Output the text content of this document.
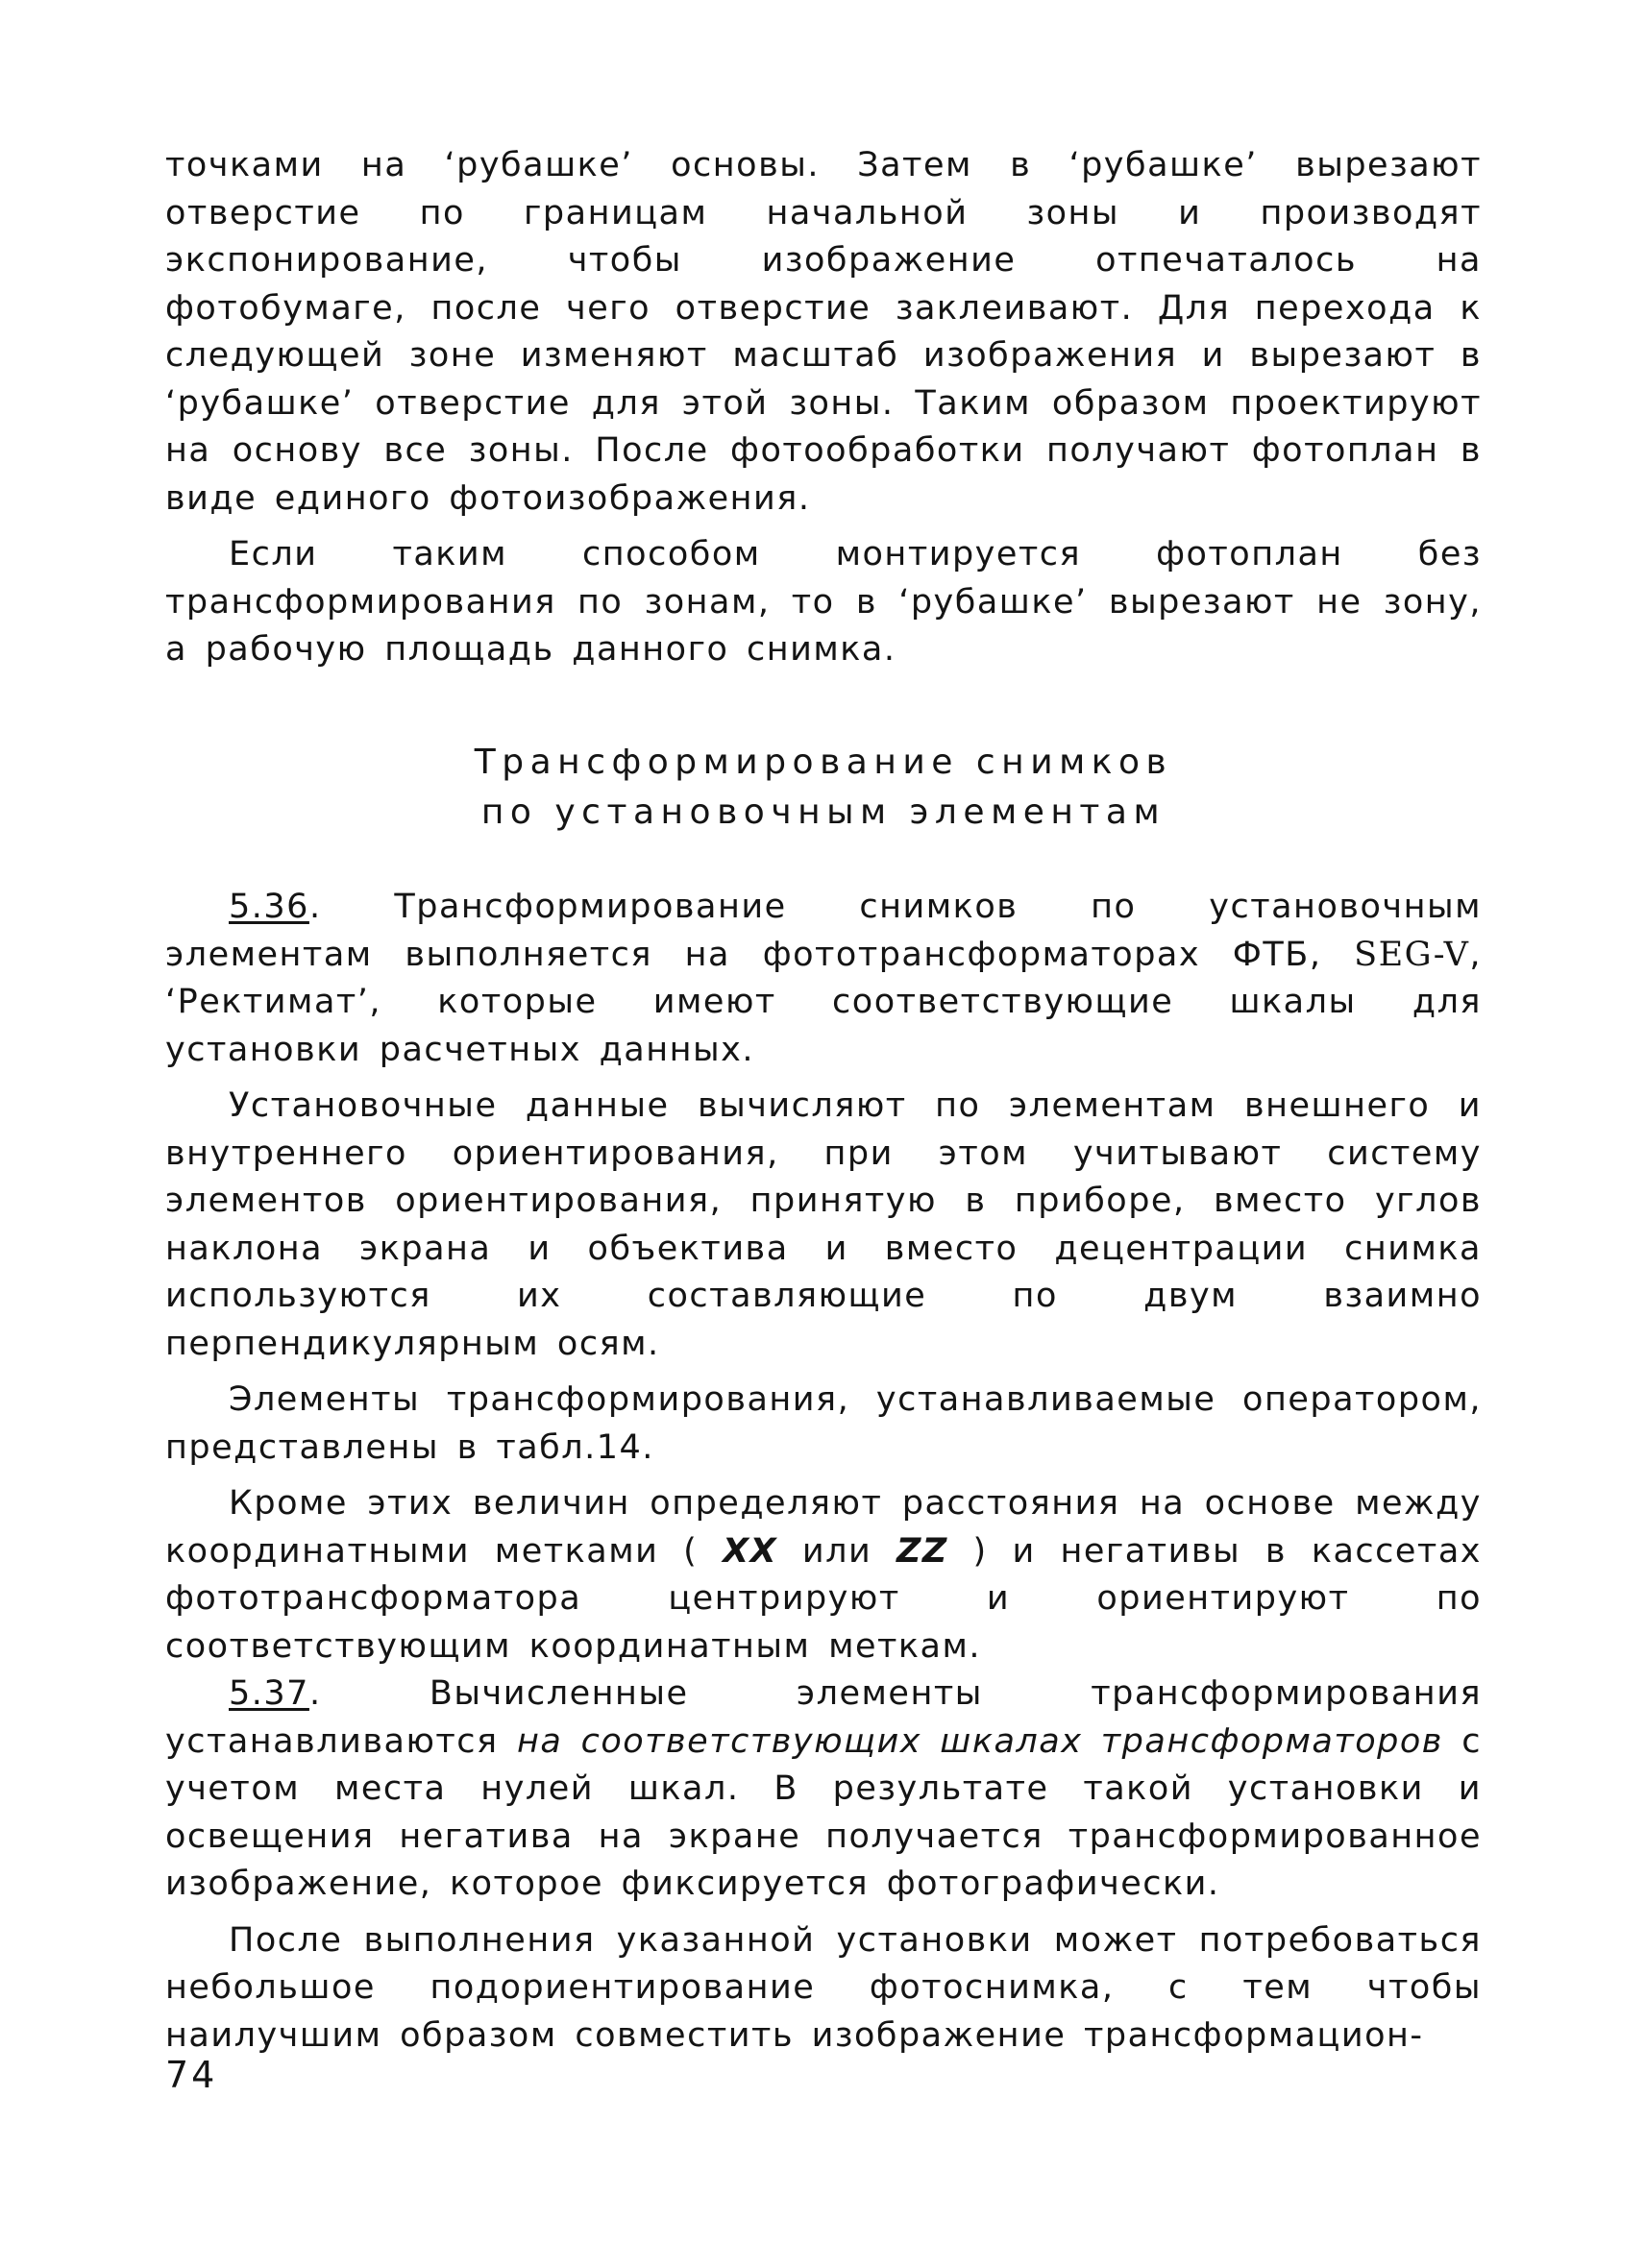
точками на ʻрубашкеʼ основы. Затем в ʻрубашкеʼ вырезают отверстие по границам начальной зоны и производят экспонирование, чтобы изображение отпечаталось на фотобумаге, после чего отверстие заклеивают. Для перехода к следующей зоне изменяют масштаб изображения и вырезают в ʻрубашкеʼ отверстие для этой зоны. Таким образом проектируют на основу все зоны. После фотообработки получают фотоплан в виде единого фотоизображения.

Если таким способом монтируется фотоплан без трансформирования по зонам, то в ʻрубашкеʼ вырезают не зону, а рабочую площадь данного снимка.

Трансформирование снимков
по установочным элементам

5.36. Трансформирование снимков по установочным элементам выполняется на фототрансформаторах ФТБ, SEG-V, ʻРектиматʼ, которые имеют соответствующие шкалы для установки расчетных данных.

Установочные данные вычисляют по элементам внешнего и внутреннего ориентирования, при этом учитывают систему элементов ориентирования, принятую в приборе, вместо углов наклона экрана и объектива и вместо децентрации снимка используются их составляющие по двум взаимно перпендикулярным осям.

Элементы трансформирования, устанавливаемые оператором, представлены в табл.14.

Кроме этих величин определяют расстояния на основе между координатными метками ( XX или ZZ ) и негативы в кассетах фототрансформатора центрируют и ориентируют по соответствующим координатным меткам.

5.37. Вычисленные элементы трансформирования устанавливаются на соответствующих шкалах трансформаторов с учетом места нулей шкал. В результате такой установки и освещения негатива на экране получается трансформированное изображение, которое фиксируется фотографически.

После выполнения указанной установки может потребоваться небольшое подориентирование фотоснимка, с тем чтобы наилучшим образом совместить изображение трансформацион-

74
